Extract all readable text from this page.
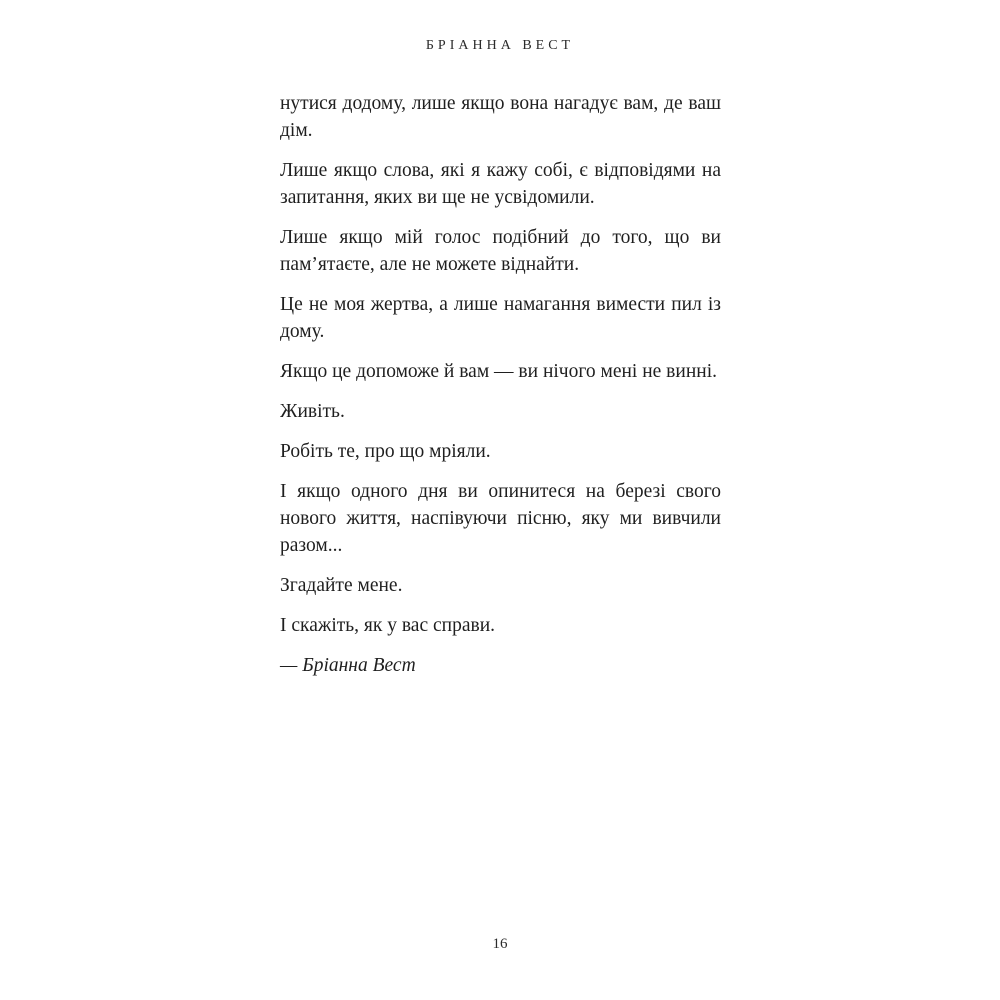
БРІАННА ВЕСТ

нутися додому, лише якщо вона нагадує вам, де ваш дім.

Лише якщо слова, які я кажу собі, є відповідями на запитання, яких ви ще не усвідомили.

Лише якщо мій голос подібний до того, що ви пам’ятаєте, але не можете віднайти.

Це не моя жертва, а лише намагання вимести пил із дому.

Якщо це допоможе й вам — ви нічого мені не винні.

Живіть.

Робіть те, про що мріяли.

І якщо одного дня ви опинитеся на березі свого нового життя, наспівуючи пісню, яку ми вивчили разом...

Згадайте мене.

І скажіть, як у вас справи.

— Бріанна Вест

16
